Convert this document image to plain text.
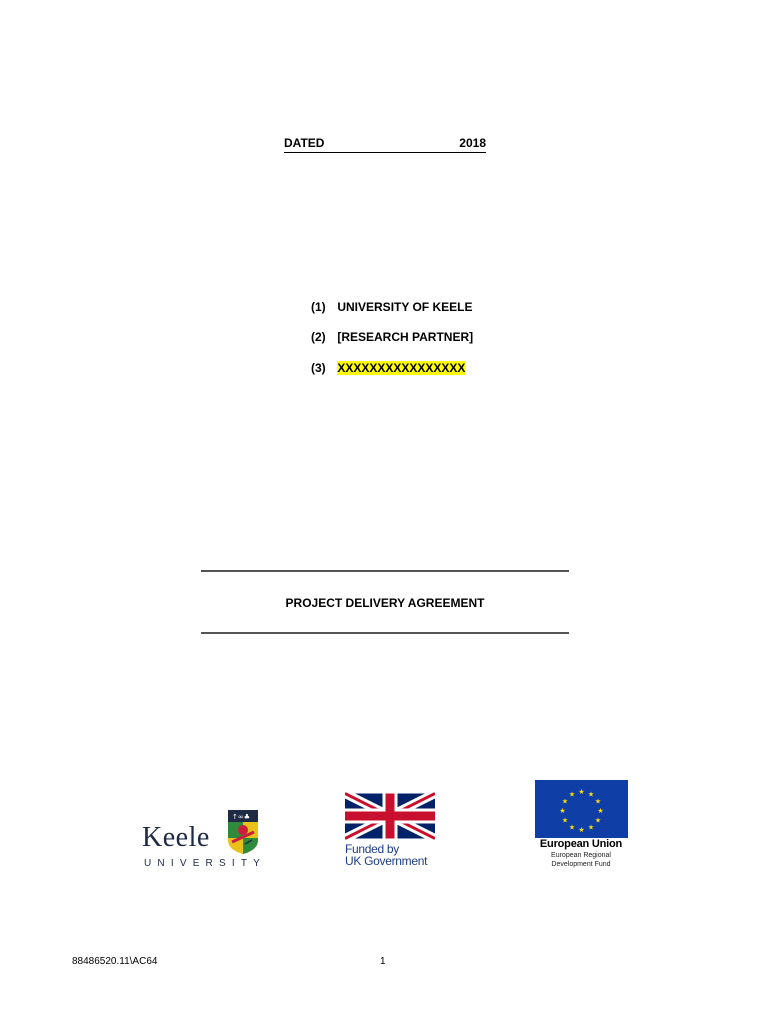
DATED	2018
(1) UNIVERSITY OF KEELE
(2) [RESEARCH PARTNER]
(3) XXXXXXXXXXXXXXXX
PROJECT DELIVERY AGREEMENT
Keele
UNIVERSITY
↑∞♣
Funded by
UK Government
★ ★
★
★
★
★
★
★
★
★
★
★
European Union
European Regional
Development Fund
88486520.11\AC64	1
